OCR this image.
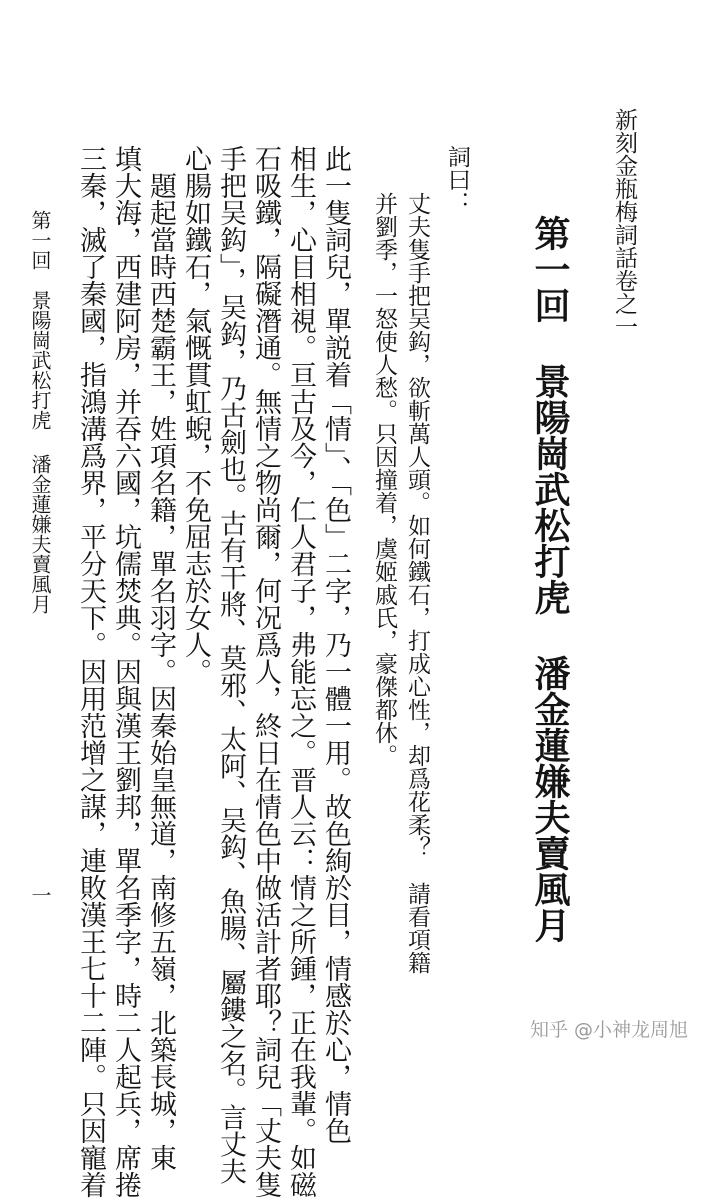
新刻金瓶梅詞話卷之一
第一回景陽崗武松打虎潘金蓮嫌夫賣風月
詞曰：
丈夫隻手把吴鈎，欲斬萬人頭。如何鐵石，打成心性，却爲花柔？　請看項籍
并劉季，一怒使人愁。只因撞着，虞姬戚氏，豪傑都休。
此一隻詞兒，單説着「情」、「色」二字，乃一體一用。故色絢於目，情感於心，情色
相生，心目相視。亘古及今，仁人君子，弗能忘之。晋人云：情之所鍾，正在我輩。如磁
石吸鐵，隔礙潛通。無情之物尚爾，何况爲人，終日在情色中做活計者耶？詞兒「丈夫隻
手把吴鈎」，吴鈎，乃古劍也。古有干將、莫邪、太阿、吴鈎、魚腸、屬鏤之名。言丈夫
心腸如鐵石，氣慨貫虹蜺，不免屈志於女人。
　題起當時西楚霸王，姓項名籍，單名羽字。因秦始皇無道，南修五嶺，北築長城，東
填大海，西建阿房，并吞六國，坑儒焚典。因與漢王劉邦，單名季字，時二人起兵，席捲
三秦，滅了秦國，指鴻溝爲界，平分天下。因用范增之謀，連敗漢王七十二陣。只因寵着
第一回　景陽崗武松打虎潘金蓮嫌夫賣風月
一
知乎 @小神龙周旭
